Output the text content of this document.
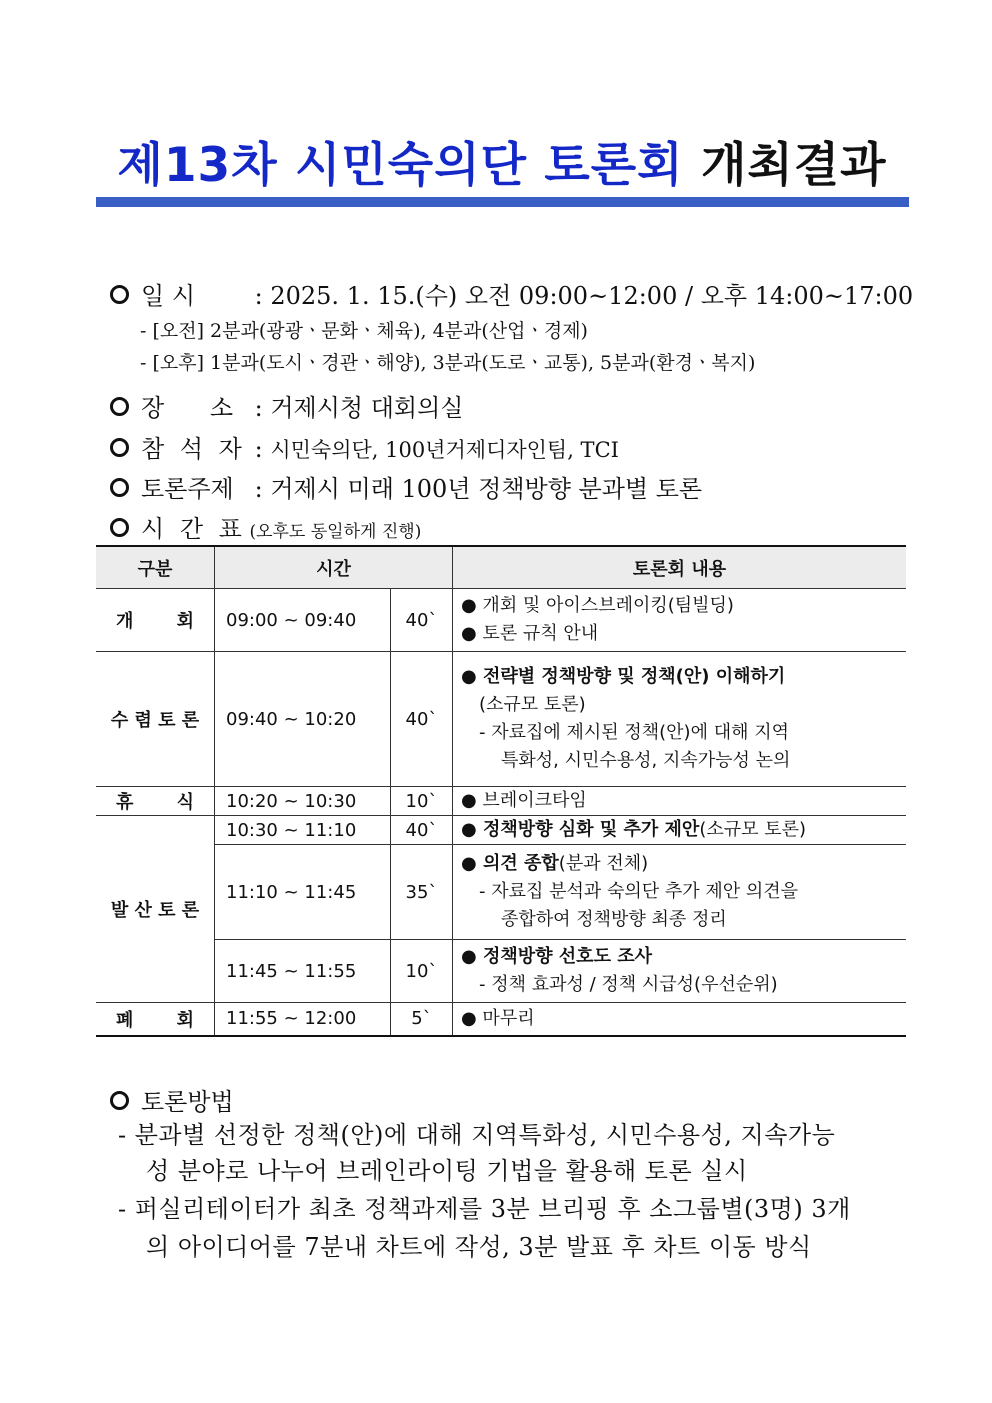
제13차 시민숙의단 토론회 개최결과
일 시 : 2025. 1. 15.(수) 오전 09:00~12:00 / 오후 14:00~17:00
- [오전] 2분과(광광ㆍ문화ㆍ체육), 4분과(산업ㆍ경제)
- [오후] 1분과(도시ㆍ경관ㆍ해양), 3분과(도로ㆍ교통), 5분과(환경ㆍ복지)
장 소 : 거제시청 대회의실
참 석 자 : 시민숙의단, 100년거제디자인팀, TCI
토론주제 : 거제시 미래 100년 정책방향 분과별 토론
시 간 표 (오후도 동일하게 진행)
구분	시간		토론회 내용

개 회	09:00 ~ 09:40	40`	● 개회 및 아이스브레이킹(팀빌딩)
● 토론 규칙 안내

수 렴 토 론	09:40 ~ 10:20	40`	● 전략별 정책방향 및 정책(안) 이해하기
(소규모 토론)
- 자료집에 제시된 정책(안)에 대해 지역
특화성, 시민수용성, 지속가능성 논의

휴 식	10:20 ~ 10:30	10`	● 브레이크타임
발 산 토 론	10:30 ~ 11:10	40`	● 정책방향 심화 및 추가 제안(소규모 토론)
	11:10 ~ 11:45	35`	● 의견 종합(분과 전체)
- 자료집 분석과 숙의단 추가 제안 의견을
종합하여 정책방향 최종 정리

	11:45 ~ 11:55	10`	● 정책방향 선호도 조사
- 정책 효과성 / 정책 시급성(우선순위)

폐 회	11:55 ~ 12:00	5`	● 마무리
토론방법
- 분과별 선정한 정책(안)에 대해 지역특화성, 시민수용성, 지속가능
성 분야로 나누어 브레인라이팅 기법을 활용해 토론 실시
- 퍼실리테이터가 최초 정책과제를 3분 브리핑 후 소그룹별(3명) 3개
의 아이디어를 7분내 차트에 작성, 3분 발표 후 차트 이동 방식
